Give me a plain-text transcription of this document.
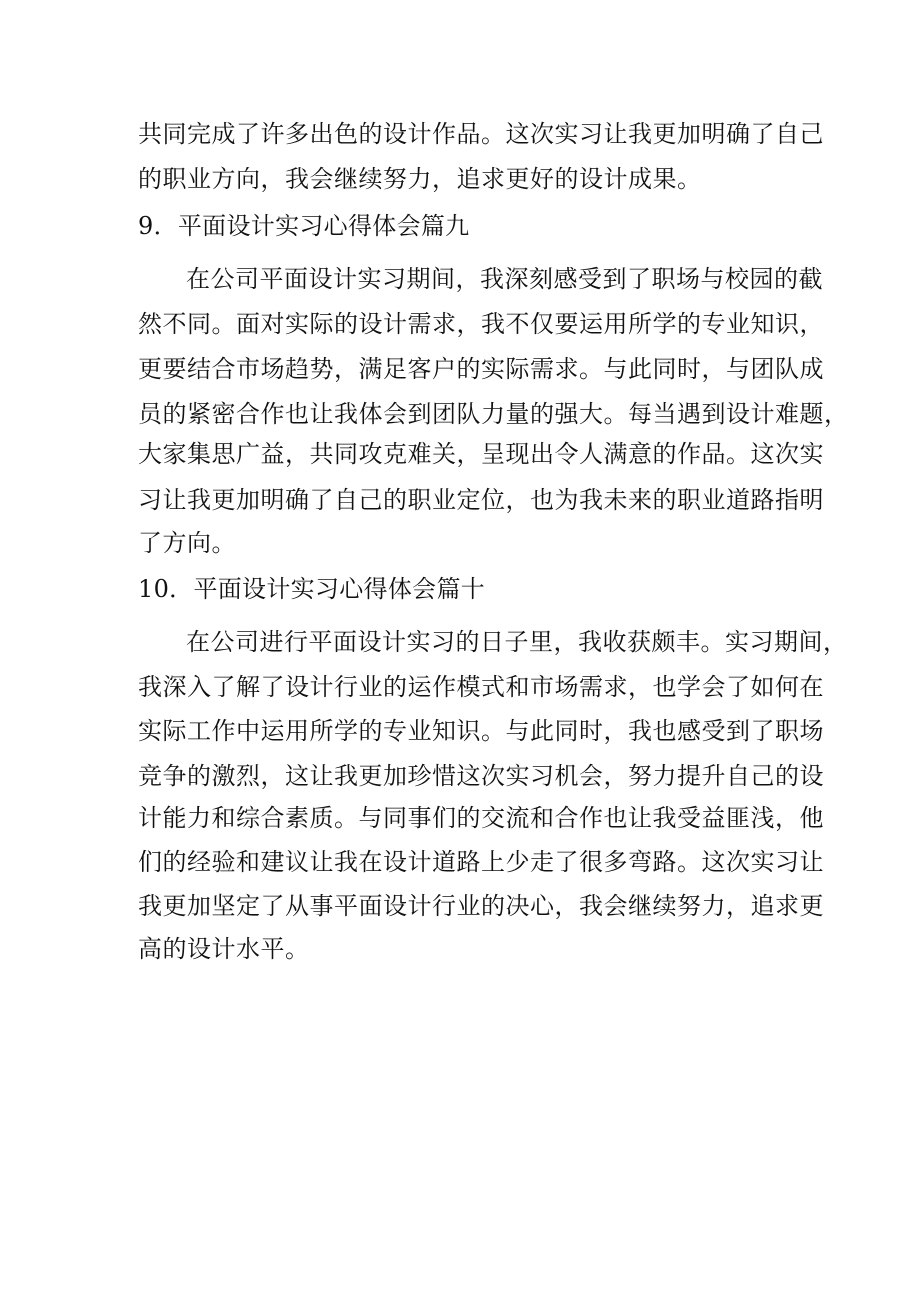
共同完成了许多出色的设计作品。这次实习让我更加明确了自己
的职业方向，我会继续努力，追求更好的设计成果。
9．平面设计实习心得体会篇九
在公司平面设计实习期间，我深刻感受到了职场与校园的截
然不同。面对实际的设计需求，我不仅要运用所学的专业知识，
更要结合市场趋势，满足客户的实际需求。与此同时，与团队成
员的紧密合作也让我体会到团队力量的强大。每当遇到设计难题，
大家集思广益，共同攻克难关，呈现出令人满意的作品。这次实
习让我更加明确了自己的职业定位，也为我未来的职业道路指明
了方向。
10．平面设计实习心得体会篇十
在公司进行平面设计实习的日子里，我收获颇丰。实习期间，
我深入了解了设计行业的运作模式和市场需求，也学会了如何在
实际工作中运用所学的专业知识。与此同时，我也感受到了职场
竞争的激烈，这让我更加珍惜这次实习机会，努力提升自己的设
计能力和综合素质。与同事们的交流和合作也让我受益匪浅，他
们的经验和建议让我在设计道路上少走了很多弯路。这次实习让
我更加坚定了从事平面设计行业的决心，我会继续努力，追求更
高的设计水平。
